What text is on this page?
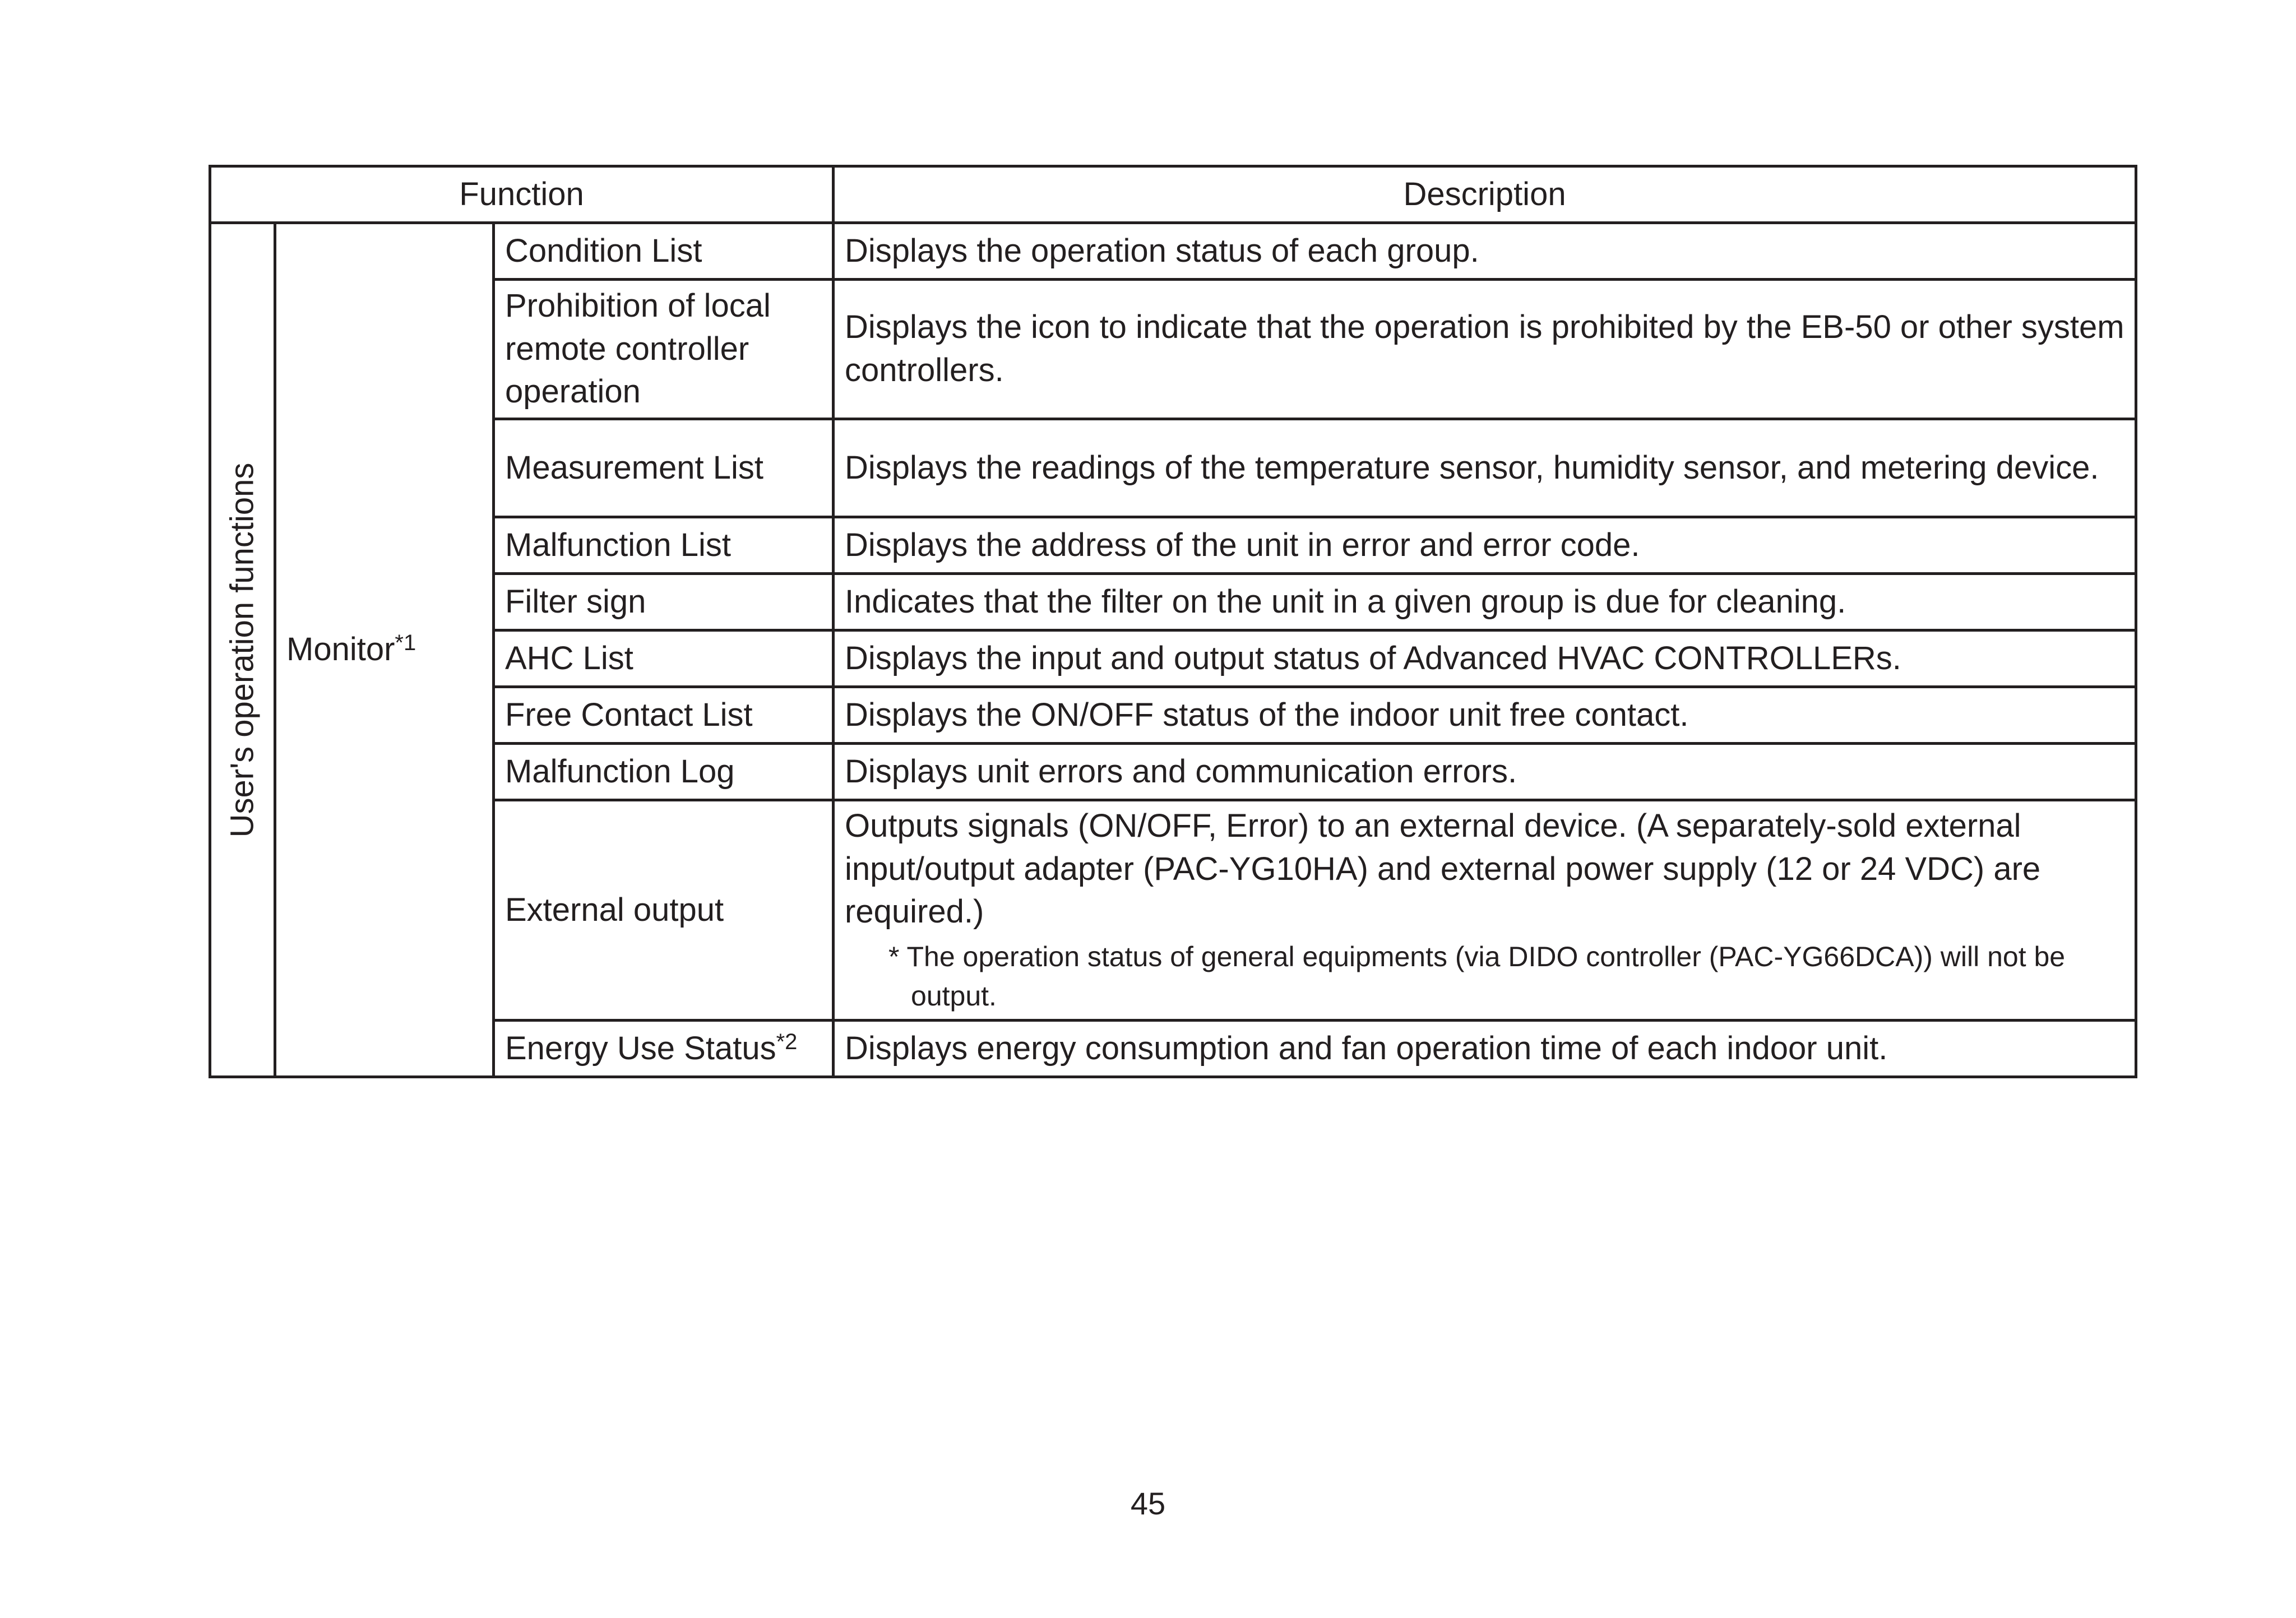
Function			Description

User's operation functions	Monitor$^{*1}$	Condition List	Displays the operation status of each group.
		Prohibition of local remote controller operation	Displays the icon to indicate that the operation is prohibited by the EB-50 or other system controllers.
		Measurement List	Displays the readings of the temperature sensor, humidity sensor, and metering device.
		Malfunction List	Displays the address of the unit in error and error code.
		Filter sign	Indicates that the filter on the unit in a given group is due for cleaning.
		AHC List	Displays the input and output status of Advanced HVAC CONTROLLERs.
		Free Contact List	Displays the ON/OFF status of the indoor unit free contact.
		Malfunction Log	Displays unit errors and communication errors.
		External output	Outputs signals (ON/OFF, Error) to an external device. (A separately-sold external input/output adapter (PAC-YG10HA) and external power supply (12 or 24 VDC) are required.)
* The operation status of general equipments (via DIDO controller (PAC-YG66DCA)) will not be output.

		Energy Use Status$^{*2}$	Displays energy consumption and fan operation time of each indoor unit.
45
